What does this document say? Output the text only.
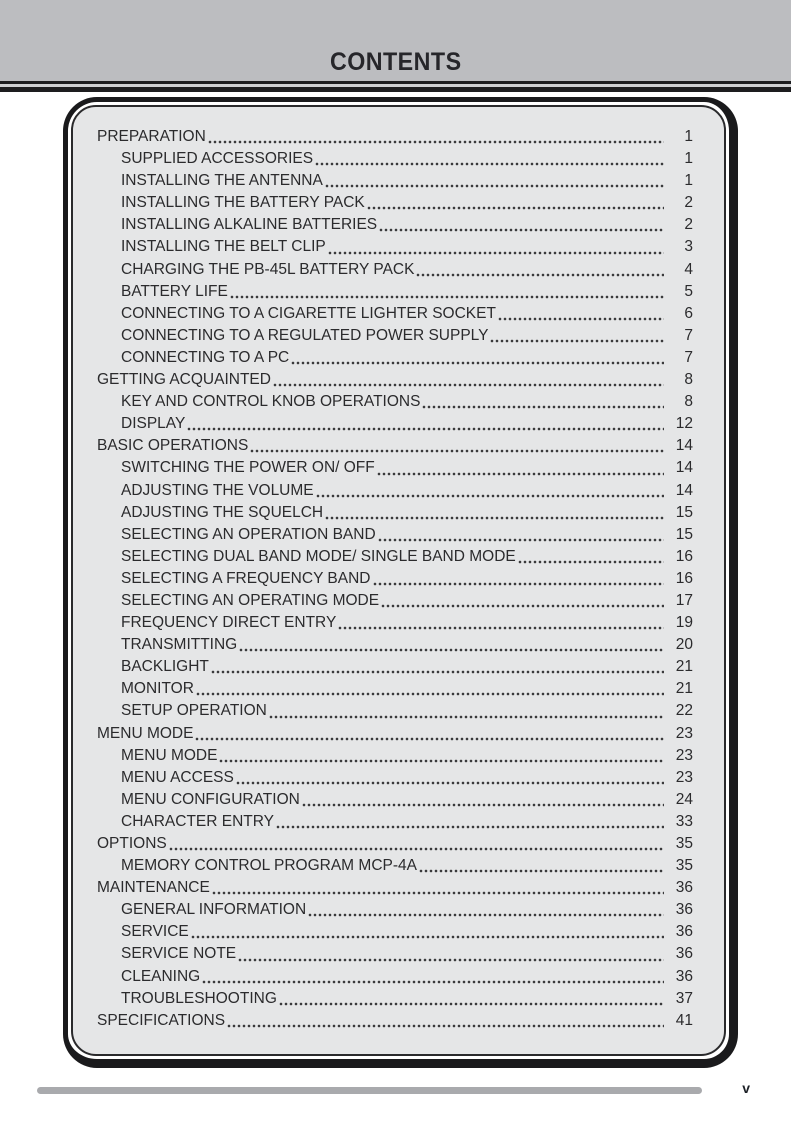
CONTENTS
PREPARATION	1
SUPPLIED ACCESSORIES	1
INSTALLING THE ANTENNA	1
INSTALLING THE BATTERY PACK	2
INSTALLING ALKALINE BATTERIES	2
INSTALLING THE BELT CLIP	3
CHARGING THE PB-45L BATTERY PACK	4
BATTERY LIFE	5
CONNECTING TO A CIGARETTE LIGHTER SOCKET	6
CONNECTING TO A REGULATED POWER SUPPLY	7
CONNECTING TO A PC	7
GETTING ACQUAINTED	8
KEY AND CONTROL KNOB OPERATIONS	8
DISPLAY	12
BASIC OPERATIONS	14
SWITCHING THE POWER ON/ OFF	14
ADJUSTING THE VOLUME	14
ADJUSTING THE SQUELCH	15
SELECTING AN OPERATION BAND	15
SELECTING DUAL BAND MODE/ SINGLE BAND MODE	16
SELECTING A FREQUENCY BAND	16
SELECTING AN OPERATING MODE	17
FREQUENCY DIRECT ENTRY	19
TRANSMITTING	20
BACKLIGHT	21
MONITOR	21
SETUP OPERATION	22
MENU MODE	23
MENU MODE	23
MENU ACCESS	23
MENU CONFIGURATION	24
CHARACTER ENTRY	33
OPTIONS	35
MEMORY CONTROL PROGRAM MCP-4A	35
MAINTENANCE	36
GENERAL INFORMATION	36
SERVICE	36
SERVICE NOTE	36
CLEANING	36
TROUBLESHOOTING	37
SPECIFICATIONS	41
v
